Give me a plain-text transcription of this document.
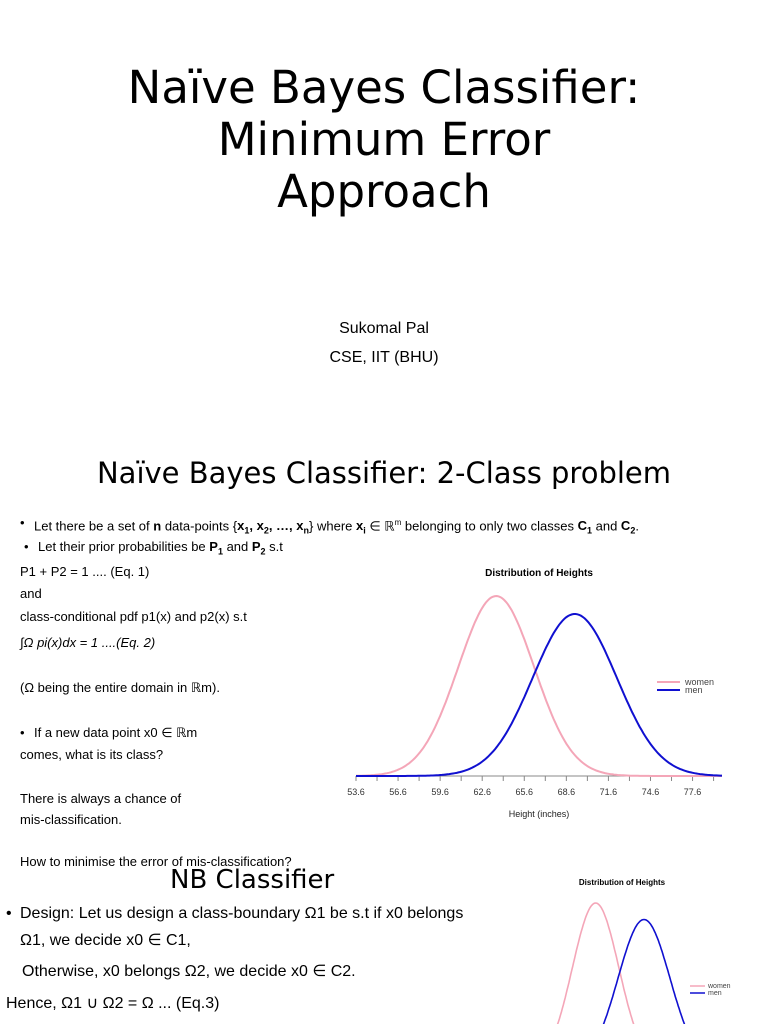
Naïve Bayes Classifier:
Minimum Error
Approach
Sukomal Pal
CSE, IIT (BHU)
Naïve Bayes Classifier: 2-Class problem
• Let there be a set of n data-points {$x_1$, $x_2$, …, $x_n$} where $x_i$ ∈ ℝ$^m$ belonging to only two classes $C_1$ and $C_2$.
• Let their prior probabilities be $P_1$ and $P_2$ s.t
P1 + P2 = 1 .... (Eq. 1)
and
class-conditional pdf p1(x) and p2(x) s.t
∫Ω pi(x)dx = 1 ....(Eq. 2)
(Ω being the entire domain in ℝm).
• If a new data point x0 ∈ ℝm
comes, what is its class?
There is always a chance of
mis-classification.
How to minimise the error of mis-classification?
Distribution of Heights
53.6	56.6	59.6	62.6	65.6	68.6	71.6	74.6	77.6
women
men
Height (inches)
NB Classifier
• Design: Let us design a class-boundary Ω1 be s.t if x0 belongs
Ω1, we decide x0 ∈ C1,
Otherwise, x0 belongs Ω2, we decide x0 ∈ C2.
Hence, Ω1 ∪ Ω2 = Ω ... (Eq.3)
Distribution of Heights
women
men
